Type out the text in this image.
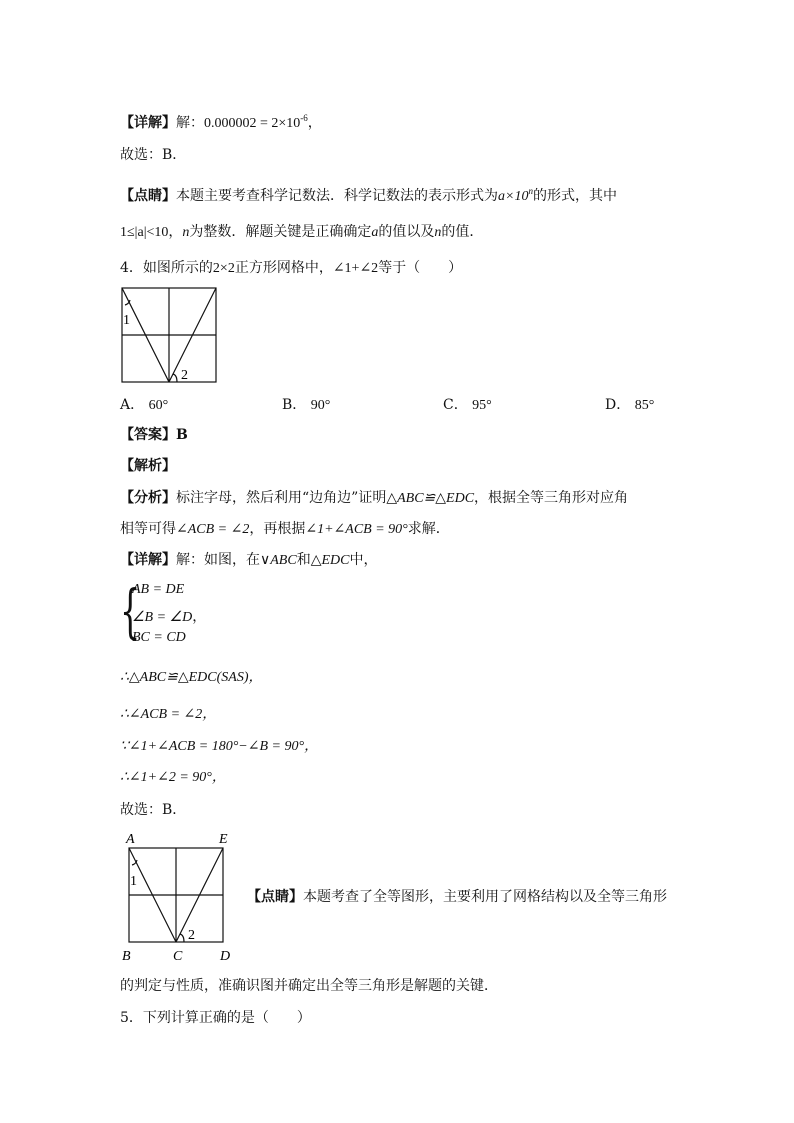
【详解】解：$0.000002 = 2\times 10^{-6}$，
故选：B．
【点睛】本题主要考查科学记数法．科学记数法的表示形式为$a\times 10^n$的形式，其中
1≤|a|<10，n为整数．解题关键是正确确定a的值以及n的值．
4．如图所示的2×2正方形网格中，∠1+∠2等于（　　）
1
2
A． 60°	B． 90°	C． 95°	D． 85°
【答案】B
【解析】
【分析】标注字母，然后利用“边角边”证明△ABC≌△EDC，根据全等三角形对应角
相等可得∠ACB = ∠2，再根据∠1+∠ACB = 90°求解．
【详解】解：如图，在∨ABC和△EDC中，
{
AB = DE
∠B = ∠D，
BC = CD
∴△ABC≌△EDC(SAS)，
∴∠ACB = ∠2，
∵∠1+∠ACB = 180°−∠B = 90°，
∴∠1+∠2 = 90°，
故选：B．
A	E
B	C	D
1
2
【点睛】本题考查了全等图形，主要利用了网格结构以及全等三角形
的判定与性质，准确识图并确定出全等三角形是解题的关键．
5．下列计算正确的是（　　）
